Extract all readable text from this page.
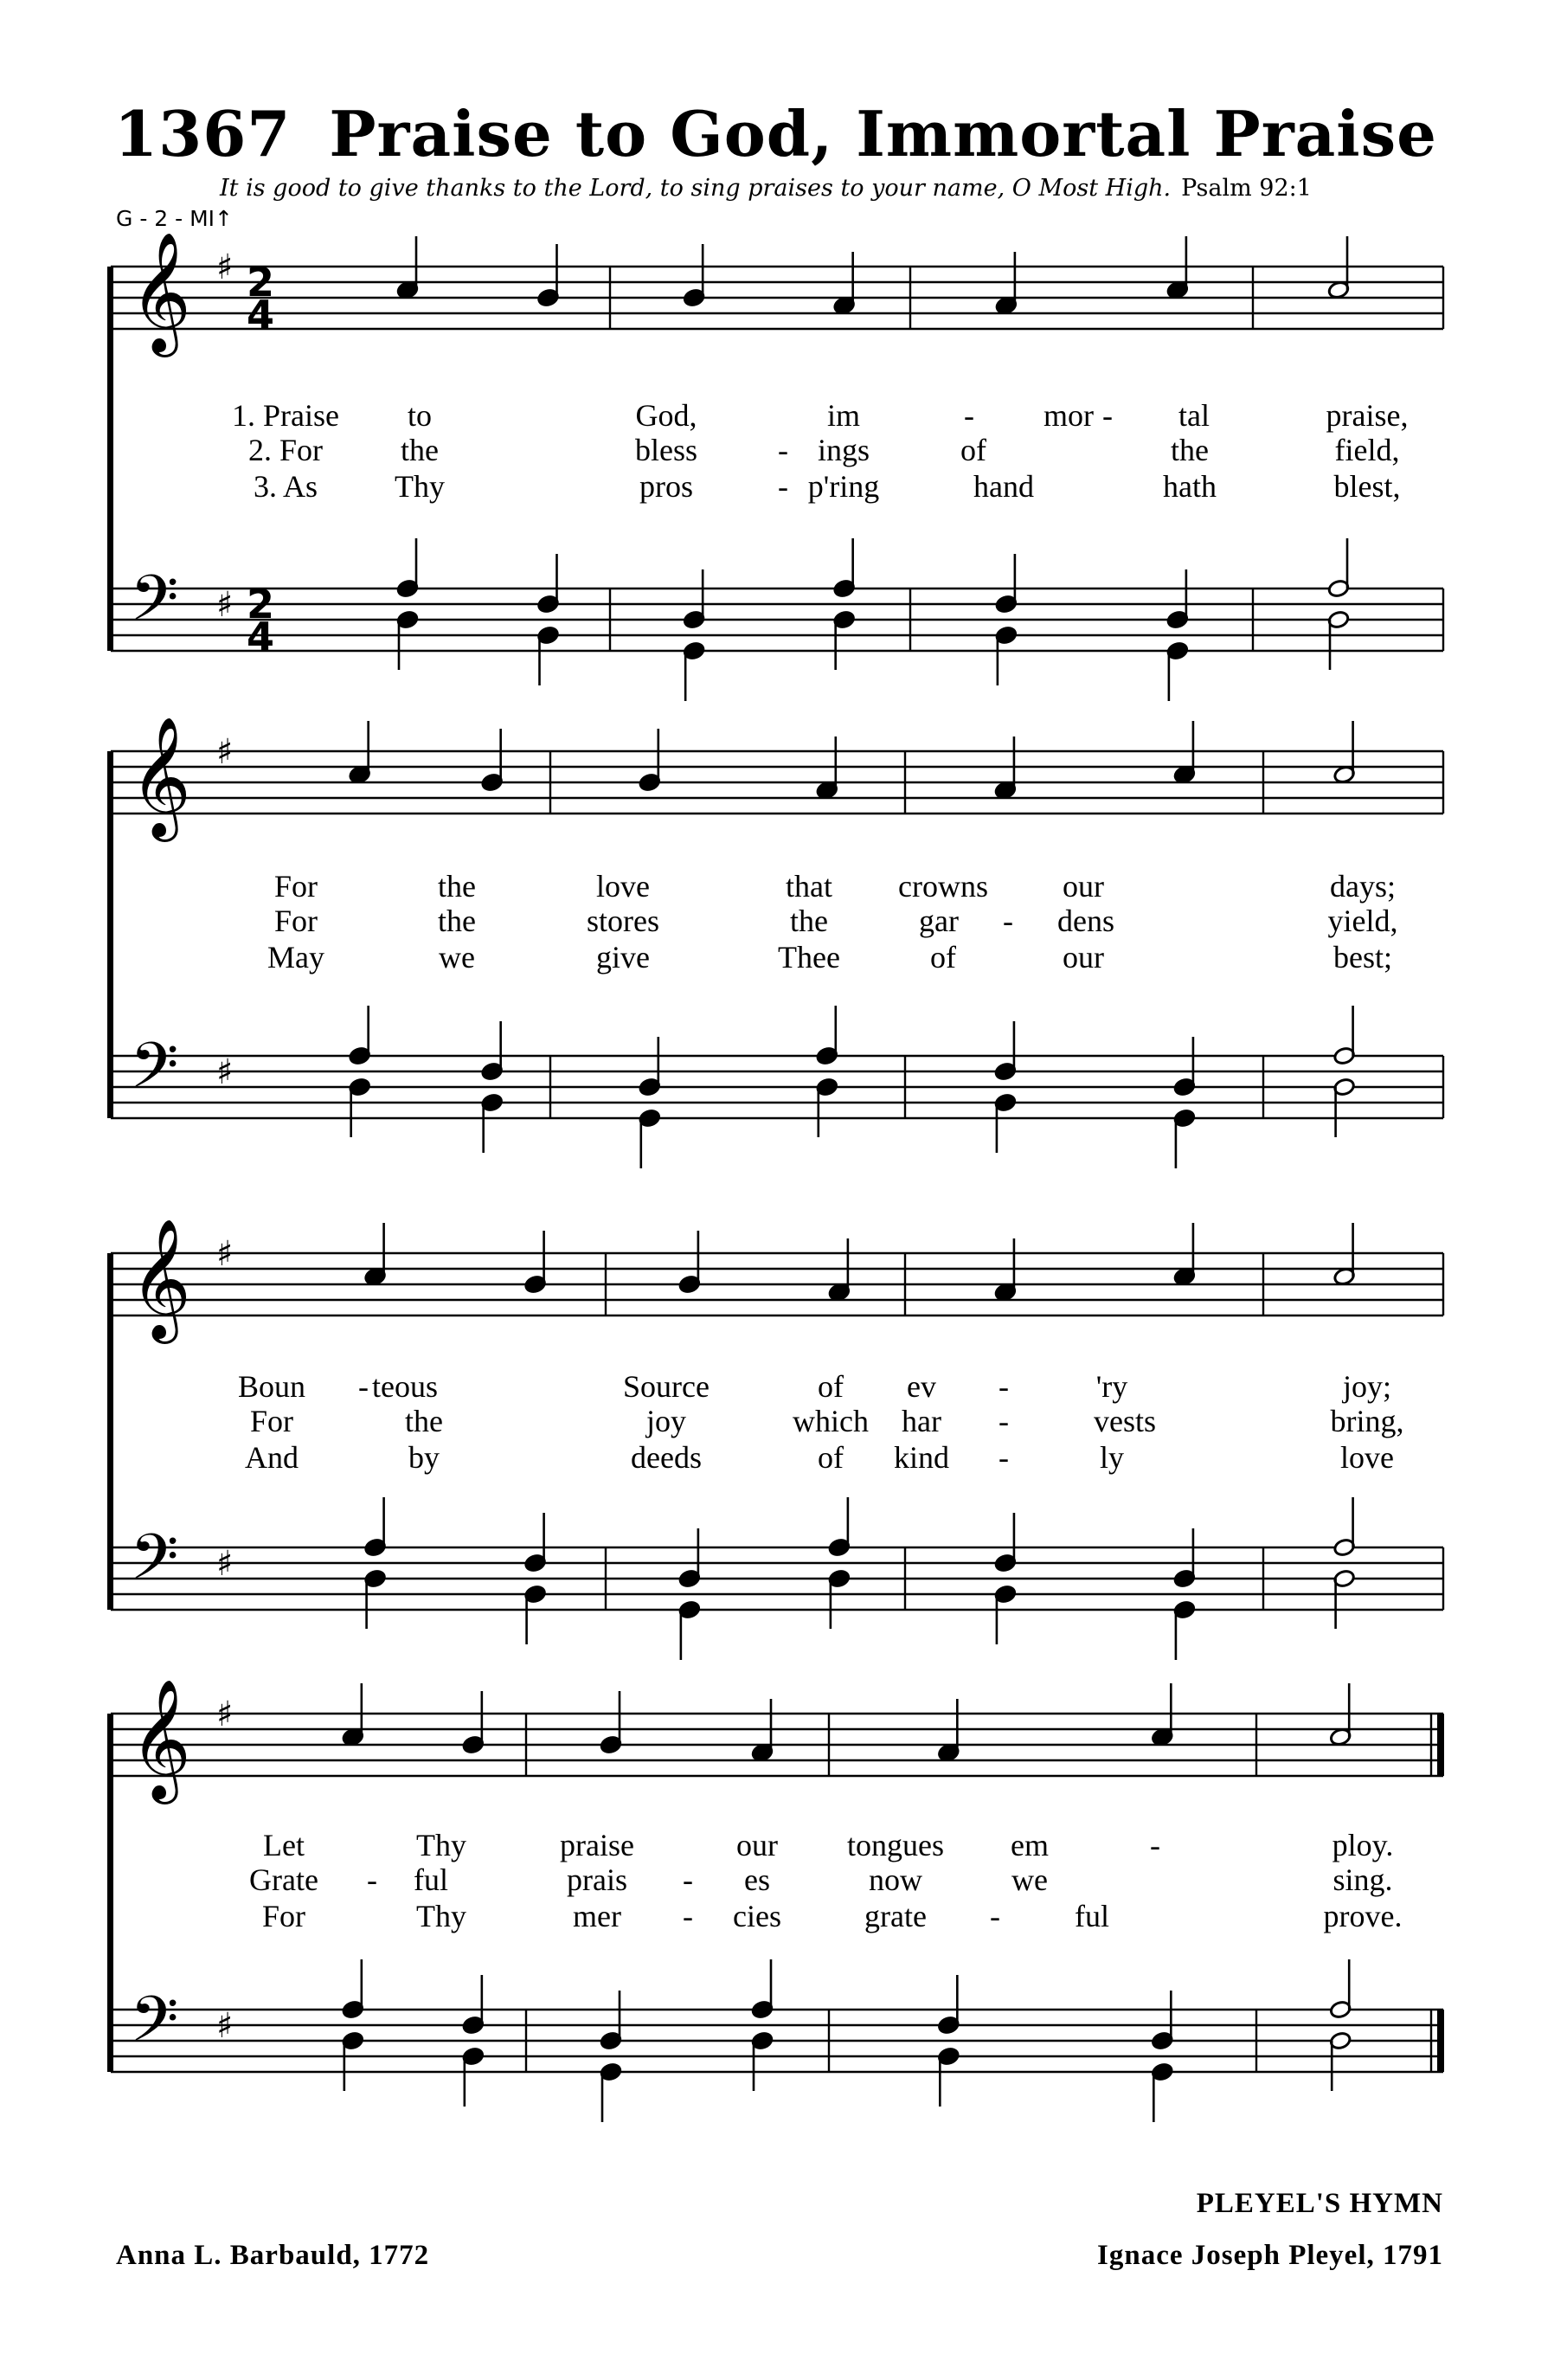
1367 Praise to God, Immortal Praise
It is good to give thanks to the Lord, to sing praises to your name, O Most High. Psalm 92:1
G - 2 - MI↑
𝄞
𝄢
♯
♯
2
4
2
4
1. Praise to	God,	im	- mor - tal	praise,
2. For	the	bless	- ings	of	the	field,
3. As Thy	pros	- p'ring	hand	hath	blest,
𝄞
𝄢
♯
♯
For	the	love	that crowns our	days;
For	the	stores	the	gar - dens	yield,
May	we	give	Thee	of	our	best;
𝄞
𝄢
♯
♯
Boun - teous	Source	of ev -	'ry	joy;
For	the	joy	which har -	vests	bring,
And	by	deeds	of kind -	ly	love
𝄞
𝄢
♯
♯
Let	Thy	praise	our tongues em	-	ploy.
Grate - ful	prais - es	now	we	sing.
For	Thy	mer - cies	grate - ful	prove.
Anna L. Barbauld, 1772
PLEYEL'S HYMN
Ignace Joseph Pleyel, 1791
